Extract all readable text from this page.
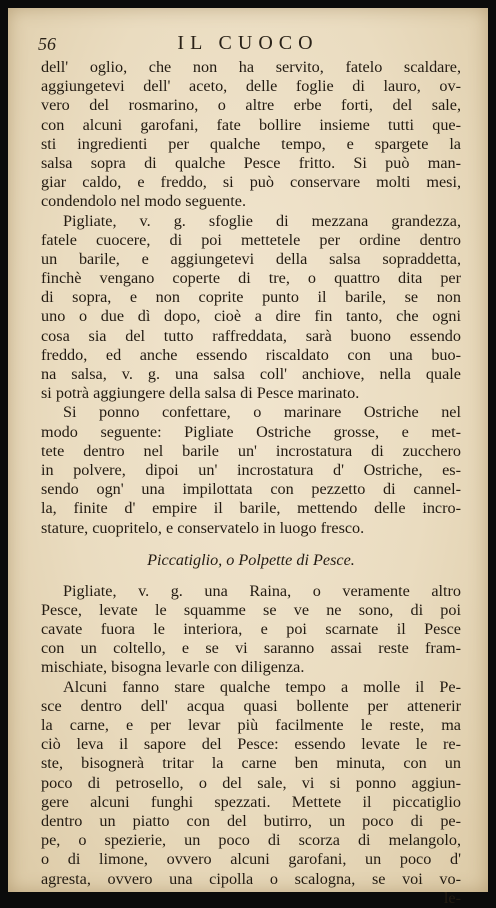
56	IL CUOCO
dell' oglio, che non ha servito, fatelo scaldare,
aggiungetevi dell' aceto, delle foglie di lauro, ov-
vero del rosmarino, o altre erbe forti, del sale,
con alcuni garofani, fate bollire insieme tutti que-
sti ingredienti per qualche tempo, e spargete la
salsa sopra di qualche Pesce fritto. Si può man-
giar caldo, e freddo, si può conservare molti mesi,
condendolo nel modo seguente.
Pigliate, v. g. sfoglie di mezzana grandezza,
fatele cuocere, di poi mettetele per ordine dentro
un barile, e aggiungetevi della salsa sopraddetta,
finchè vengano coperte di tre, o quattro dita per
di sopra, e non coprite punto il barile, se non
uno o due dì dopo, cioè a dire fin tanto, che ogni
cosa sia del tutto raffreddata, sarà buono essendo
freddo, ed anche essendo riscaldato con una buo-
na salsa, v. g. una salsa coll' anchiove, nella quale
si potrà aggiungere della salsa di Pesce marinato.
Si ponno confettare, o marinare Ostriche nel
modo seguente: Pigliate Ostriche grosse, e met-
tete dentro nel barile un' incrostatura di zucchero
in polvere, dipoi un' incrostatura d' Ostriche, es-
sendo ogn' una impilottata con pezzetto di cannel-
la, finite d' empire il barile, mettendo delle incro-
stature, cuopritelo, e conservatelo in luogo fresco.
Piccatiglio, o Polpette di Pesce.
Pigliate, v. g. una Raina, o veramente altro
Pesce, levate le squamme se ve ne sono, di poi
cavate fuora le interiora, e poi scarnate il Pesce
con un coltello, e se vi saranno assai reste fram-
mischiate, bisogna levarle con diligenza.
Alcuni fanno stare qualche tempo a molle il Pe-
sce dentro dell' acqua quasi bollente per attenerir
la carne, e per levar più facilmente le reste, ma
ciò leva il sapore del Pesce: essendo levate le re-
ste, bisognerà tritar la carne ben minuta, con un
poco di petrosello, o del sale, vi si ponno aggiun-
gere alcuni funghi spezzati. Mettete il piccatiglio
dentro un piatto con del butirro, un poco di pe-
pe, o spezierie, un poco di scorza di melangolo,
o di limone, ovvero alcuni garofani, un poco d'
agresta, ovvero una cipolla o scalogna, se voi vo-
le-
